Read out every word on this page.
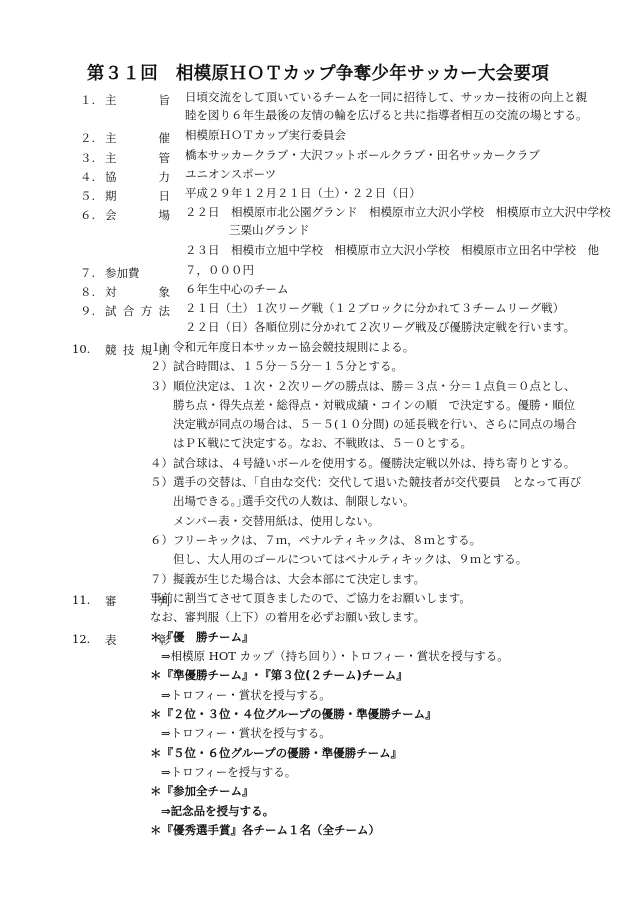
第３１回　相模原ＨＯＴカップ争奪少年サッカー大会要項
１. 主　　旨 日頃交流をして頂いているチームを一同に招待して、サッカー技術の向上と親
睦を図り６年生最後の友情の輪を広げると共に指導者相互の交流の場とする。
２. 主　　催 相模原ＨＯＴカップ実行委員会
３. 主　　管 橋本サッカークラブ・大沢フットボールクラブ・田名サッカークラブ
４. 協　　力 ユニオンスポーツ
５. 期　　日 平成２９年１２月２１日（土）・２２日（日）
６. 会　　場 ２２日　相模原市北公園グランド　相模原市立大沢小学校　相模原市立大沢中学校
三栗山グランド
２３日　相模市立旭中学校　相模原市立大沢小学校　相模原市立田名中学校　他
７. 参加費	７，０００円
８. 対　　象 ６年生中心のチーム
９. 試合方法 ２１日（土）１次リーグ戦（１２ブロックに分かれて３チームリーグ戦）
２２日（日）各順位別に分かれて２次リーグ戦及び優勝決定戦を行います。
10. 競技規則
１）令和元年度日本サッカー協会競技規則による。
２）試合時間は、１５分－５分－１５分とする。
３）順位決定は、１次・２次リーグの勝点は、勝＝３点・分＝１点負＝０点とし、
勝ち点・得失点差・総得点・対戦成績・コインの順　で決定する。優勝・順位
決定戦が同点の場合は、５－５(１０分間) の延長戦を行い、さらに同点の場合
はＰＫ戦にて決定する。なお、不戦敗は、５－０とする。
４）試合球は、４号縫いボールを使用する。優勝決定戦以外は、持ち寄りとする。
５）選手の交替は、｢自由な交代：交代して退いた競技者が交代要員　となって再び
出場できる。｣選手交代の人数は、制限しない。
メンバー表・交替用紙は、使用しない。
６）フリーキックは、７ｍ，ペナルティキックは、８ｍとする。
但し、大人用のゴールについてはペナルティキックは、９ｍとする。
７）擬義が生じた場合は、大会本部にて決定します。
11. 審　　判
事前に割当てさせて頂きましたので、ご協力をお願いします。
なお、審判服（上下）の着用を必ずお願い致します。
12. 表　　彰
＊『優　勝チーム』
⇒相模原 HOT カップ（持ち回り）・トロフィー・賞状を授与する。
＊『準優勝チーム』･『第３位(２チーム)チーム』
⇒トロフィー・賞状を授与する。
＊『２位・３位・４位グループの優勝・準優勝チーム』
⇒トロフィー・賞状を授与する。
＊『５位・６位グループの優勝・準優勝チーム』
⇒トロフィーを授与する。
＊『参加全チーム』
⇒記念品を授与する。
＊『優秀選手賞』各チーム１名（全チーム）
